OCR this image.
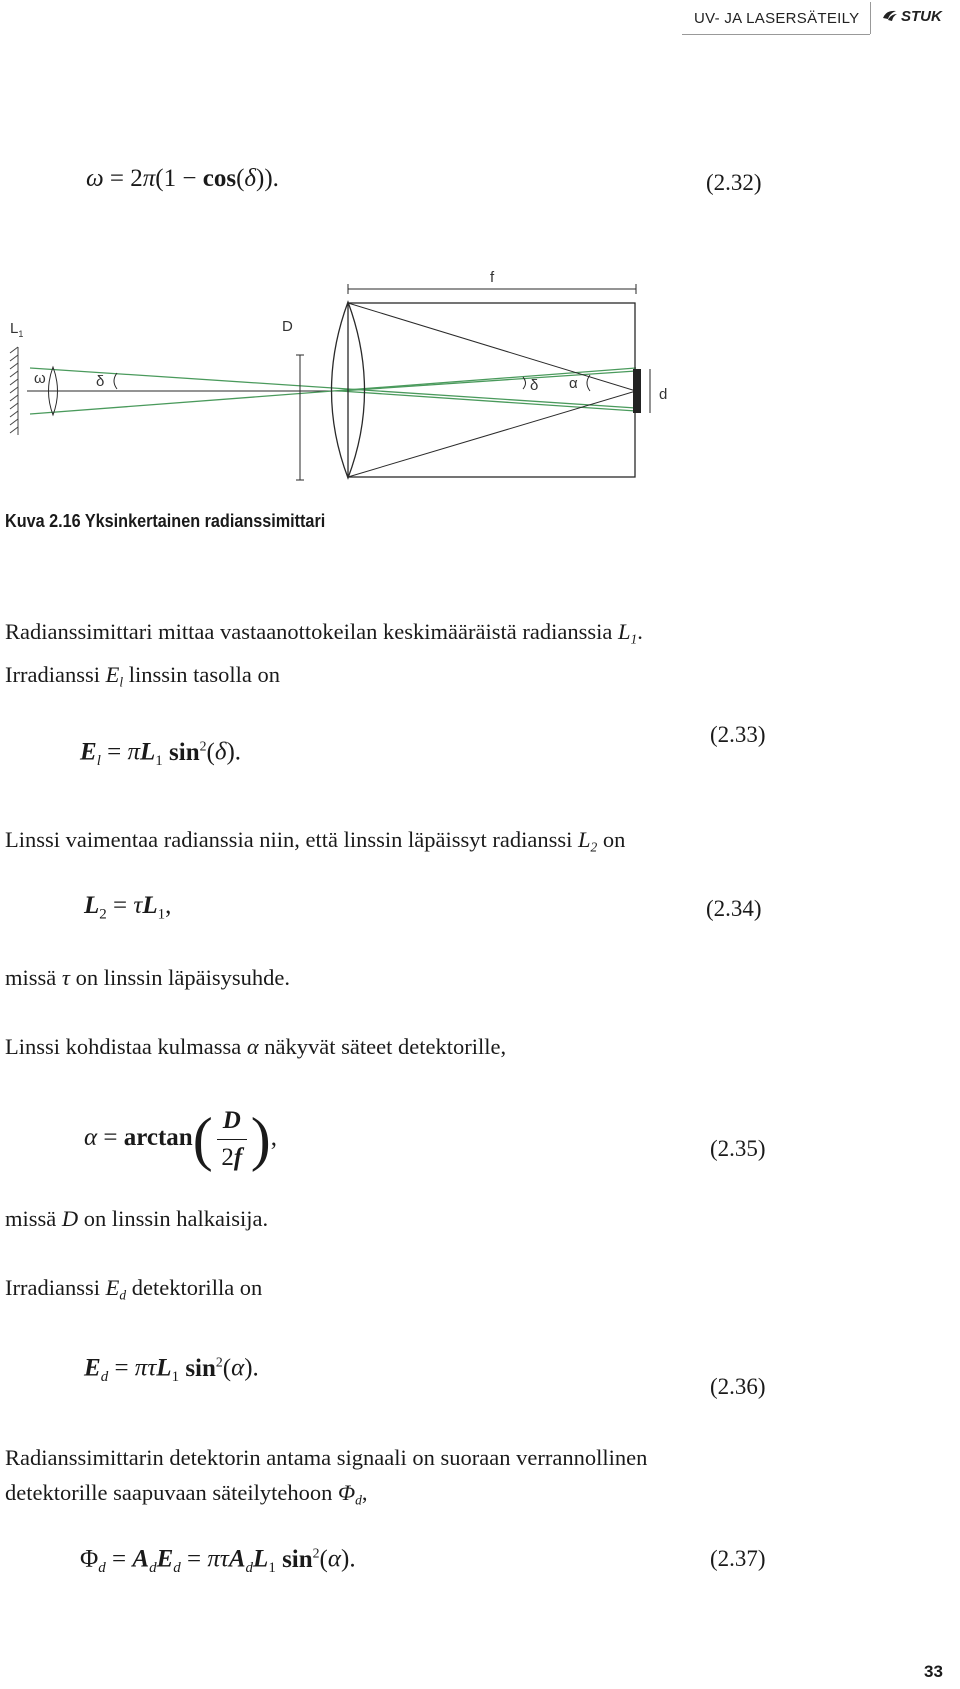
UV- JA LASERSÄTEILY	STUK
ω = 2π(1 − cos(δ)).	(2.32)
$L_1$
ω	δ
D
f
δ α
d
Kuva 2.16 Yksinkertainen radianssimittari
Radianssimittari mittaa vastaanottokeilan keskimääräistä radianssia $L_1$.
Irradianssi $E_l$ linssin tasolla on
$E_l = \pi L_1$ $\sin^2(\delta)$.
(2.33)
Linssi vaimentaa radianssia niin, että linssin läpäissyt radianssi $L_2$ on
$L_2 = \tau L_1$,	(2.34)
missä τ on linssin läpäisysuhde.
Linssi kohdistaa kulmassa α näkyvät säteet detektorille,
$\alpha = \arctan( \frac{D}{2f}$ ),	(2.35)
missä D on linssin halkaisija.
Irradianssi $E_d$ detektorilla on
$E_d = \pi\tau L_1$ $\sin^2(\alpha)$.
(2.36)
Radianssimittarin detektorin antama signaali on suoraan verrannollinen
detektorille saapuvaan säteilytehoon $\Phi_d$,
$\Phi_d = A_dE_d = \pi\tau A_dL_1$ $\sin^2(\alpha)$.	(2.37)
33
